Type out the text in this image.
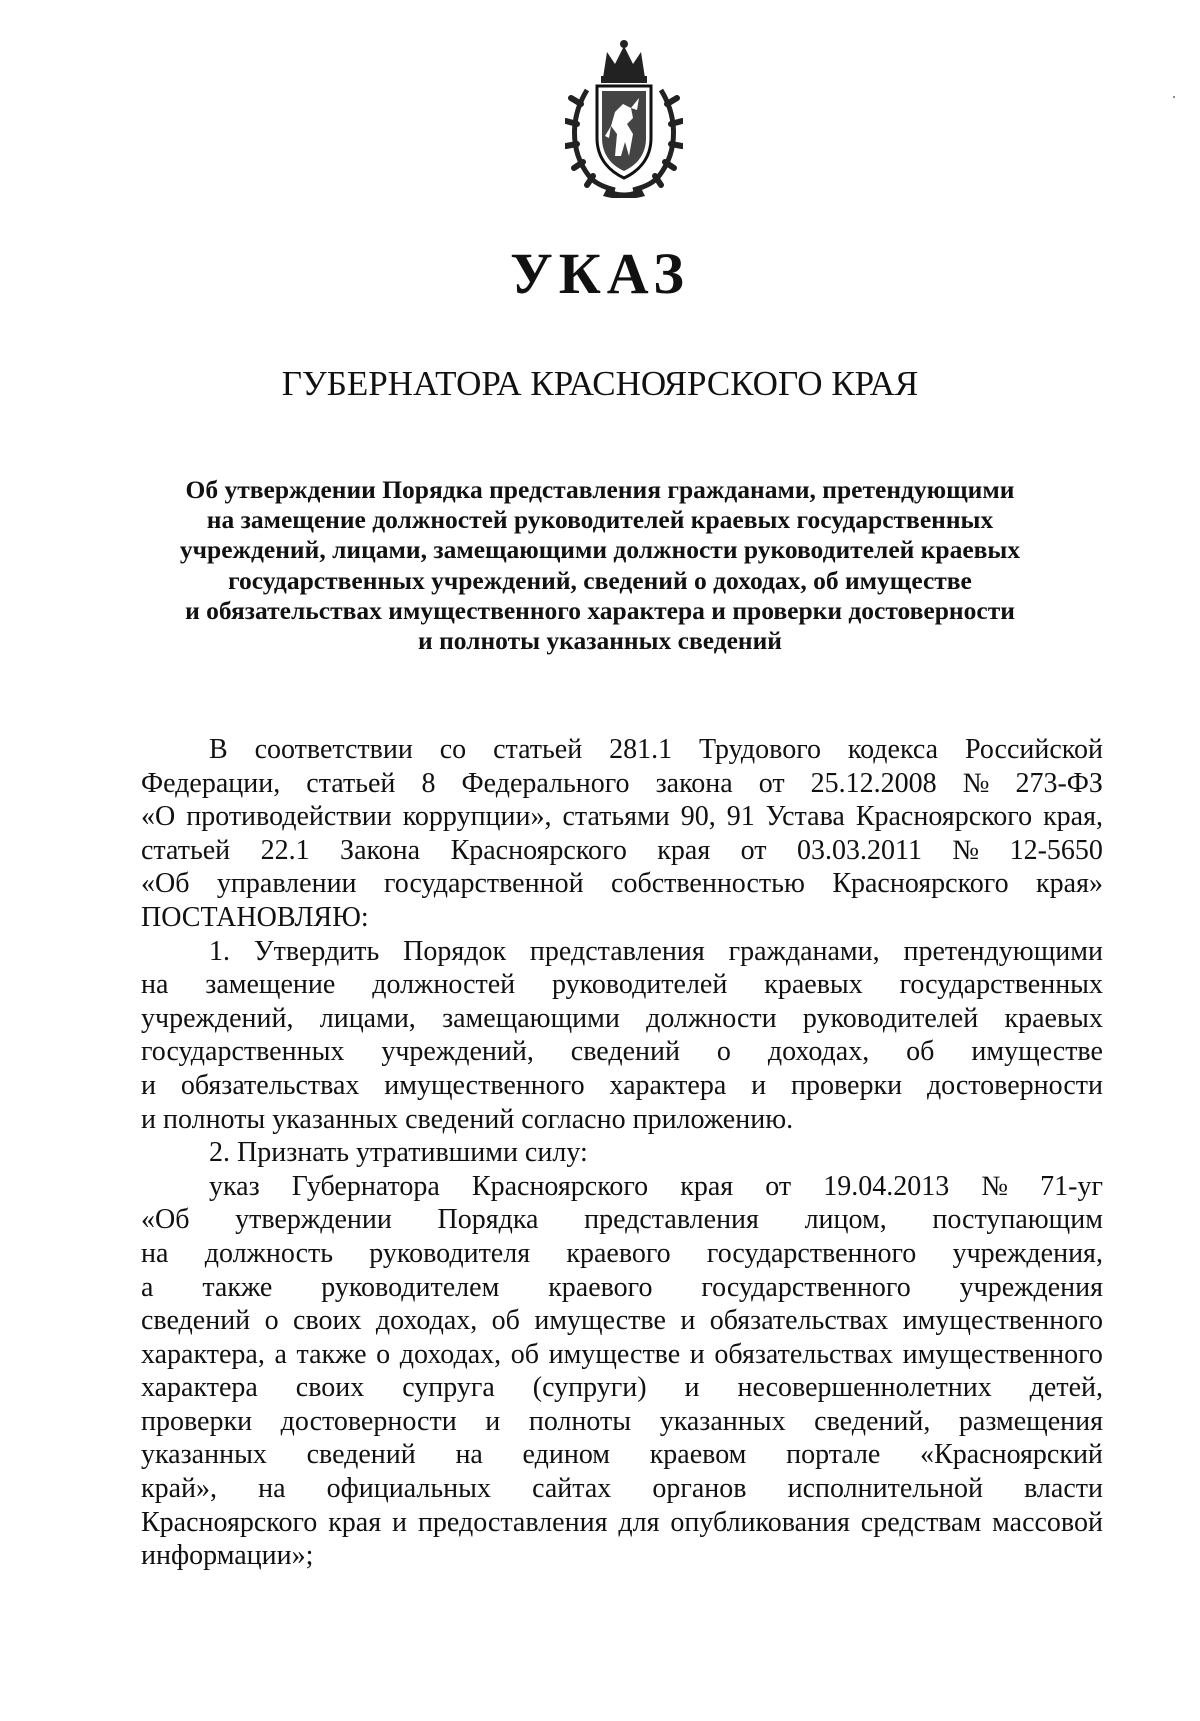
УКАЗ
ГУБЕРНАТОРА КРАСНОЯРСКОГО КРАЯ
Об утверждении Порядка представления гражданами, претендующими
на замещение должностей руководителей краевых государственных
учреждений, лицами, замещающими должности руководителей краевых
государственных учреждений, сведений о доходах, об имуществе
и обязательствах имущественного характера и проверки достоверности
и полноты указанных сведений
В соответствии со статьей 281.1 Трудового кодекса Российской
Федерации, статьей 8 Федерального закона от 25.12.2008 № 273-ФЗ
«О противодействии коррупции», статьями 90, 91 Устава Красноярского края,
статьей 22.1 Закона Красноярского края от 03.03.2011 № 12-5650
«Об управлении государственной собственностью Красноярского края»
ПОСТАНОВЛЯЮ:
1. Утвердить Порядок представления гражданами, претендующими
на замещение должностей руководителей краевых государственных
учреждений, лицами, замещающими должности руководителей краевых
государственных учреждений, сведений о доходах, об имуществе
и обязательствах имущественного характера и проверки достоверности
и полноты указанных сведений согласно приложению.
2. Признать утратившими силу:
указ Губернатора Красноярского края от 19.04.2013 № 71-уг
«Об утверждении Порядка представления лицом, поступающим
на должность руководителя краевого государственного учреждения,
а также руководителем краевого государственного учреждения
сведений о своих доходах, об имуществе и обязательствах имущественного
характера, а также о доходах, об имуществе и обязательствах имущественного
характера своих супруга (супруги) и несовершеннолетних детей,
проверки достоверности и полноты указанных сведений, размещения
указанных сведений на едином краевом портале «Красноярский
край», на официальных сайтах органов исполнительной власти
Красноярского края и предоставления для опубликования средствам массовой
информации»;
